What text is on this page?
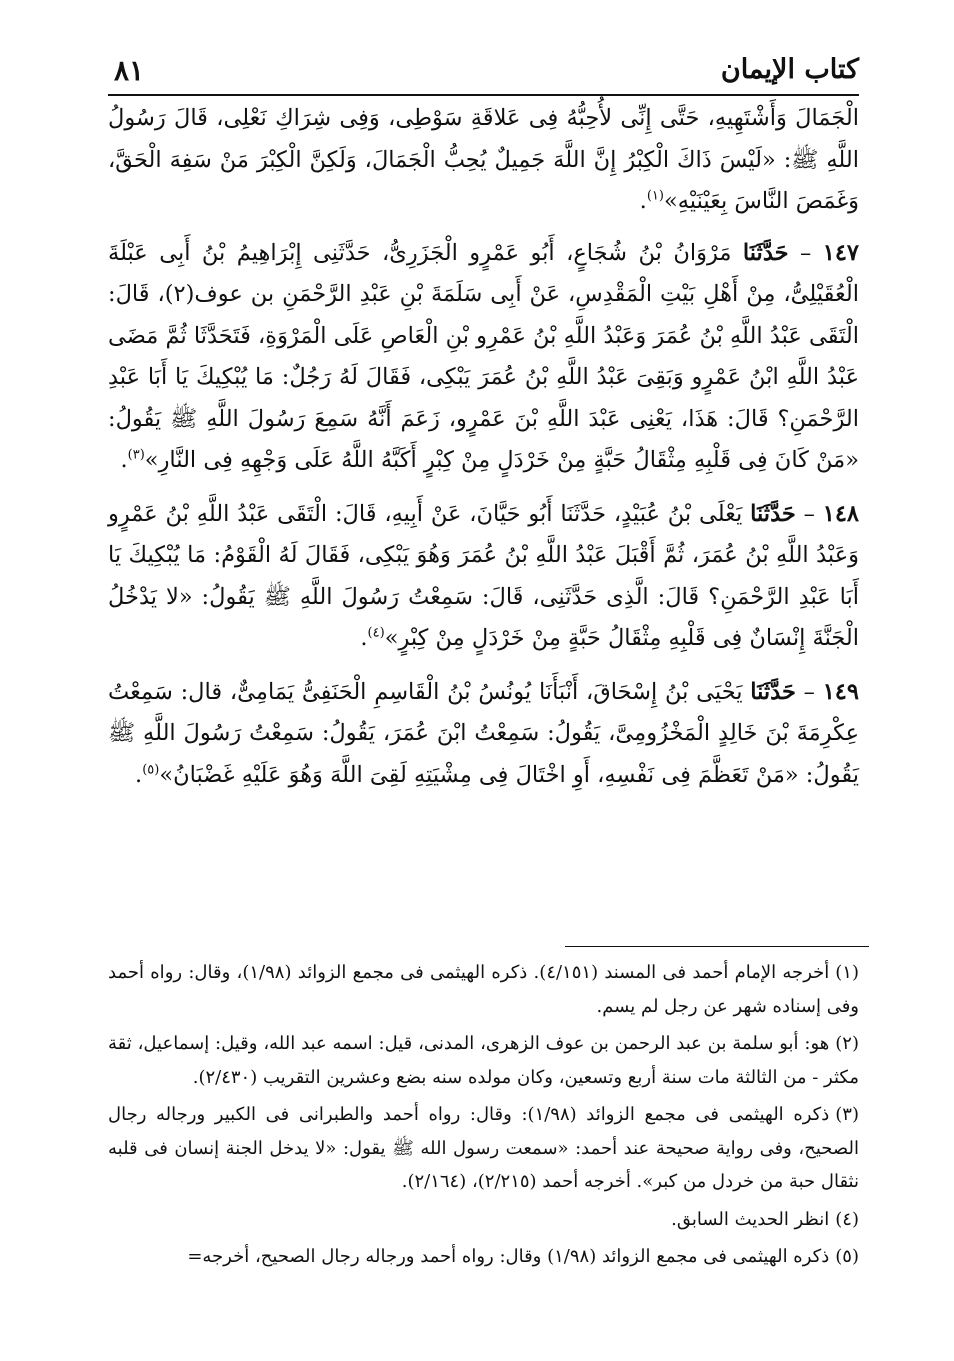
٨١	كتاب الإيمان

الْجَمَالَ وَأَشْتَهِيهِ، حَتَّى إِنِّى لأُحِبُّهُ فِى عَلاقَةِ سَوْطِى، وَفِى شِرَاكِ نَعْلِى، قَالَ رَسُولُ اللَّهِ ﷺ: «لَيْسَ ذَاكَ الْكِبْرُ إِنَّ اللَّهَ جَمِيلٌ يُحِبُّ الْجَمَالَ، وَلَكِنَّ الْكِبْرَ مَنْ سَفِهَ الْحَقَّ، وَغَمَصَ النَّاسَ بِعَيْنَيْهِ»$^{(١)}$.

١٤٧ – حَدَّثَنَا مَرْوَانُ بْنُ شُجَاعٍ، أَبُو عَمْرٍو الْجَزَرِىُّ، حَدَّثَنِى إِبْرَاهِيمُ بْنُ أَبِى عَبْلَةَ الْعُقَيْلِىُّ، مِنْ أَهْلِ بَيْتِ الْمَقْدِسِ، عَنْ أَبِى سَلَمَةَ بْنِ عَبْدِ الرَّحْمَنِ بن عوف(٢)، قَالَ: الْتَقَى عَبْدُ اللَّهِ بْنُ عُمَرَ وَعَبْدُ اللَّهِ بْنُ عَمْرِو بْنِ الْعَاصِ عَلَى الْمَرْوَةِ، فَتَحَدَّثَا ثُمَّ مَضَى عَبْدُ اللَّهِ ابْنُ عَمْرٍو وَبَقِىَ عَبْدُ اللَّهِ بْنُ عُمَرَ يَبْكِى، فَقَالَ لَهُ رَجُلٌ: مَا يُبْكِيكَ يَا أَبَا عَبْدِ الرَّحْمَنِ؟ قَالَ: هَذَا، يَعْنِى عَبْدَ اللَّهِ بْنَ عَمْرٍو، زَعَمَ أَنَّهُ سَمِعَ رَسُولَ اللَّهِ ﷺ يَقُولُ: «مَنْ كَانَ فِى قَلْبِهِ مِثْقَالُ حَبَّةٍ مِنْ خَرْدَلٍ مِنْ كِبْرٍ أَكَبَّهُ اللَّهُ عَلَى وَجْهِهِ فِى النَّارِ»$^{(٣)}$.

١٤٨ – حَدَّثَنَا يَعْلَى بْنُ عُبَيْدٍ، حَدَّثَنَا أَبُو حَيَّانَ، عَنْ أَبِيهِ، قَالَ: الْتَقَى عَبْدُ اللَّهِ بْنُ عَمْرٍو وَعَبْدُ اللَّهِ بْنُ عُمَرَ، ثُمَّ أَقْبَلَ عَبْدُ اللَّهِ بْنُ عُمَرَ وَهُوَ يَبْكِى، فَقَالَ لَهُ الْقَوْمُ: مَا يُبْكِيكَ يَا أَبَا عَبْدِ الرَّحْمَنِ؟ قَالَ: الَّذِى حَدَّثَنِى، قَالَ: سَمِعْتُ رَسُولَ اللَّهِ ﷺ يَقُولُ: «لا يَدْخُلُ الْجَنَّةَ إِنْسَانٌ فِى قَلْبِهِ مِثْقَالُ حَبَّةٍ مِنْ خَرْدَلٍ مِنْ كِبْرٍ»$^{(٤)}$.

١٤٩ – حَدَّثَنَا يَحْيَى بْنُ إِسْحَاقَ، أَنْبَأَنَا يُونُسُ بْنُ الْقَاسِمِ الْحَنَفِىُّ يَمَامِىٌّ، قال: سَمِعْتُ عِكْرِمَةَ بْنَ خَالِدٍ الْمَخْزُومِىَّ، يَقُولُ: سَمِعْتُ ابْنَ عُمَرَ، يَقُولُ: سَمِعْتُ رَسُولَ اللَّهِ ﷺ يَقُولُ: «مَنْ تَعَظَّمَ فِى نَفْسِهِ، أَوِ اخْتَالَ فِى مِشْيَتِهِ لَقِىَ اللَّهَ وَهُوَ عَلَيْهِ غَضْبَانُ»$^{(٥)}$.

(١)أخرجه الإمام أحمد فى المسند (٤/١٥١). ذكره الهيثمى فى مجمع الزوائد (١/٩٨)، وقال: رواه أحمد وفى إسناده شهر عن رجل لم يسم.

(٢)هو: أبو سلمة بن عبد الرحمن بن عوف الزهرى، المدنى، قيل: اسمه عبد الله، وقيل: إسماعيل، ثقة مكثر - من الثالثة مات سنة أربع وتسعين، وكان مولده سنه بضع وعشرين التقريب (٢/٤٣٠).

(٣)ذكره الهيثمى فى مجمع الزوائد (١/٩٨): وقال: رواه أحمد والطبرانى فى الكبير ورجاله رجال الصحيح، وفى رواية صحيحة عند أحمد: «سمعت رسول الله ﷺ يقول: «لا يدخل الجنة إنسان فى قلبه نثقال حبة من خردل من كبر». أخرجه أحمد (٢/٢١٥)، (٢/١٦٤).

(٤)انظر الحديث السابق.

(٥)ذكره الهيثمى فى مجمع الزوائد (١/٩٨) وقال: رواه أحمد ورجاله رجال الصحيح، أخرجه=
